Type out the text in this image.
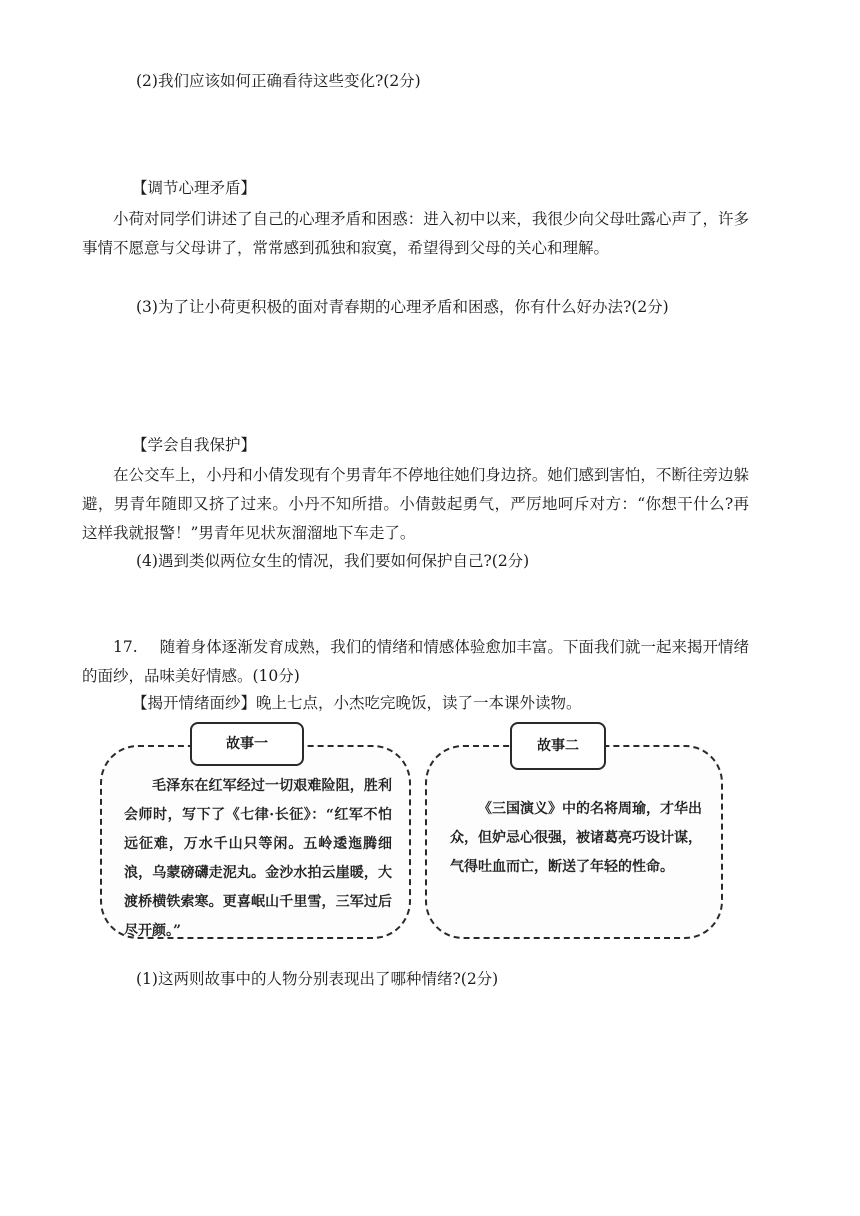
(2)我们应该如何正确看待这些变化?(2分)
【调节心理矛盾】
小荷对同学们讲述了自己的心理矛盾和困惑：进入初中以来，我很少向父母吐露心声了，许多事情不愿意与父母讲了，常常感到孤独和寂寞，希望得到父母的关心和理解。
(3)为了让小荷更积极的面对青春期的心理矛盾和困惑，你有什么好办法?(2分)
【学会自我保护】
在公交车上，小丹和小倩发现有个男青年不停地往她们身边挤。她们感到害怕，不断往旁边躲避，男青年随即又挤了过来。小丹不知所措。小倩鼓起勇气，严厉地呵斥对方：“你想干什么?再这样我就报警！”男青年见状灰溜溜地下车走了。
(4)遇到类似两位女生的情况，我们要如何保护自己?(2分)
17. 随着身体逐渐发育成熟，我们的情绪和情感体验愈加丰富。下面我们就一起来揭开情绪的面纱，品味美好情感。(10分)
【揭开情绪面纱】晚上七点，小杰吃完晚饭，读了一本课外读物。
故事一
毛泽东在红军经过一切艰难险阻，胜利会师时，写下了《七律·长征》：“红军不怕远征难，万水千山只等闲。五岭逶迤腾细浪，乌蒙磅礴走泥丸。金沙水拍云崖暖，大渡桥横铁索寒。更喜岷山千里雪，三军过后尽开颜。”
故事二
《三国演义》中的名将周瑜，才华出众，但妒忌心很强，被诸葛亮巧设计谋，气得吐血而亡，断送了年轻的性命。
(1)这两则故事中的人物分别表现出了哪种情绪?(2分)
